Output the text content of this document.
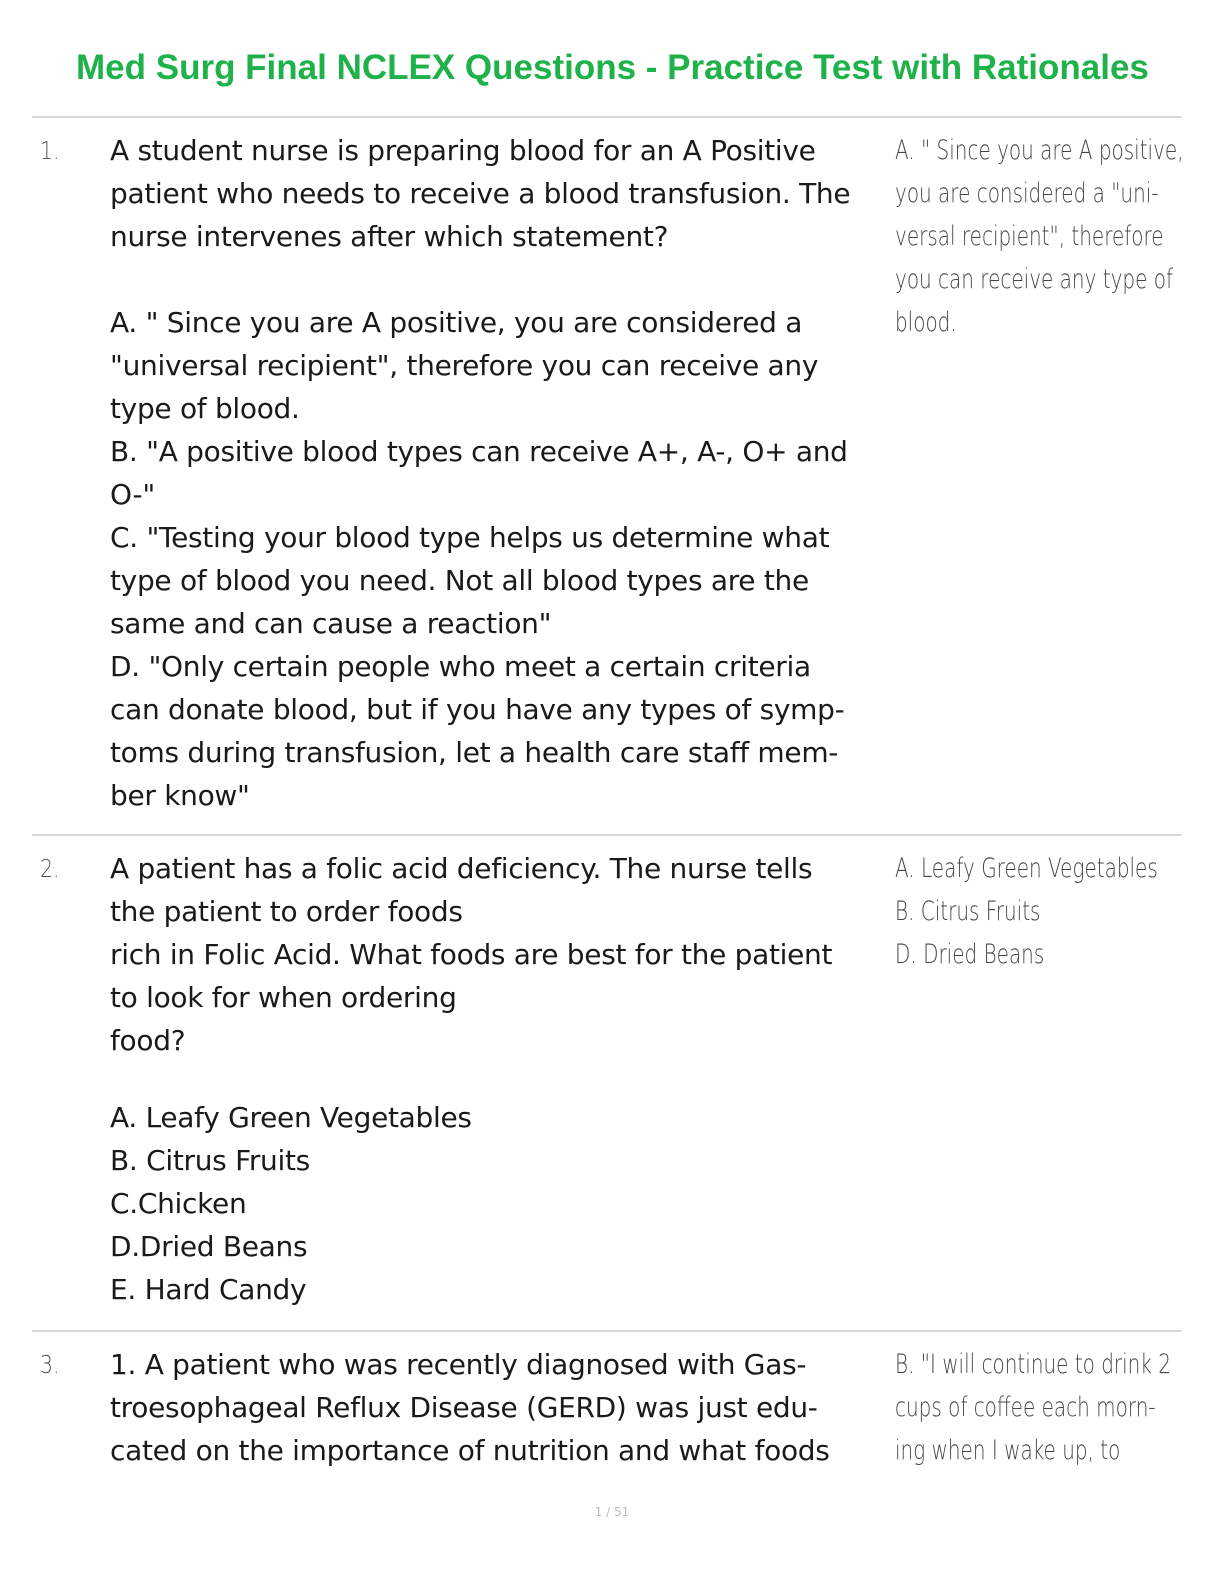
Med Surg Final NCLEX Questions - Practice Test with Rationales
1. A student nurse is preparing blood for an A Positive
patient who needs to receive a blood transfusion. The
nurse intervenes after which statement?
A. " Since you are A positive, you are considered a
"universal recipient", therefore you can receive any
type of blood.
B. "A positive blood types can receive A+, A-, O+ and
O-"
C. "Testing your blood type helps us determine what
type of blood you need. Not all blood types are the
same and can cause a reaction"
D. "Only certain people who meet a certain criteria
can donate blood, but if you have any types of symp-
toms during transfusion, let a health care staff mem-
ber know"
A. " Since you are A positive,
you are considered a "uni-
versal recipient", therefore
you can receive any type of
blood.
2. A patient has a folic acid deficiency. The nurse tells
the patient to order foods
rich in Folic Acid. What foods are best for the patient
to look for when ordering
food?
A. Leafy Green Vegetables
B. Citrus Fruits
C.Chicken
D.Dried Beans
E. Hard Candy
A. Leafy Green Vegetables
B. Citrus Fruits
D. Dried Beans
3. 1. A patient who was recently diagnosed with Gas-
troesophageal Reflux Disease (GERD) was just edu-
cated on the importance of nutrition and what foods
B. "I will continue to drink 2
cups of coffee each morn-
ing when I wake up, to
1 / 51
